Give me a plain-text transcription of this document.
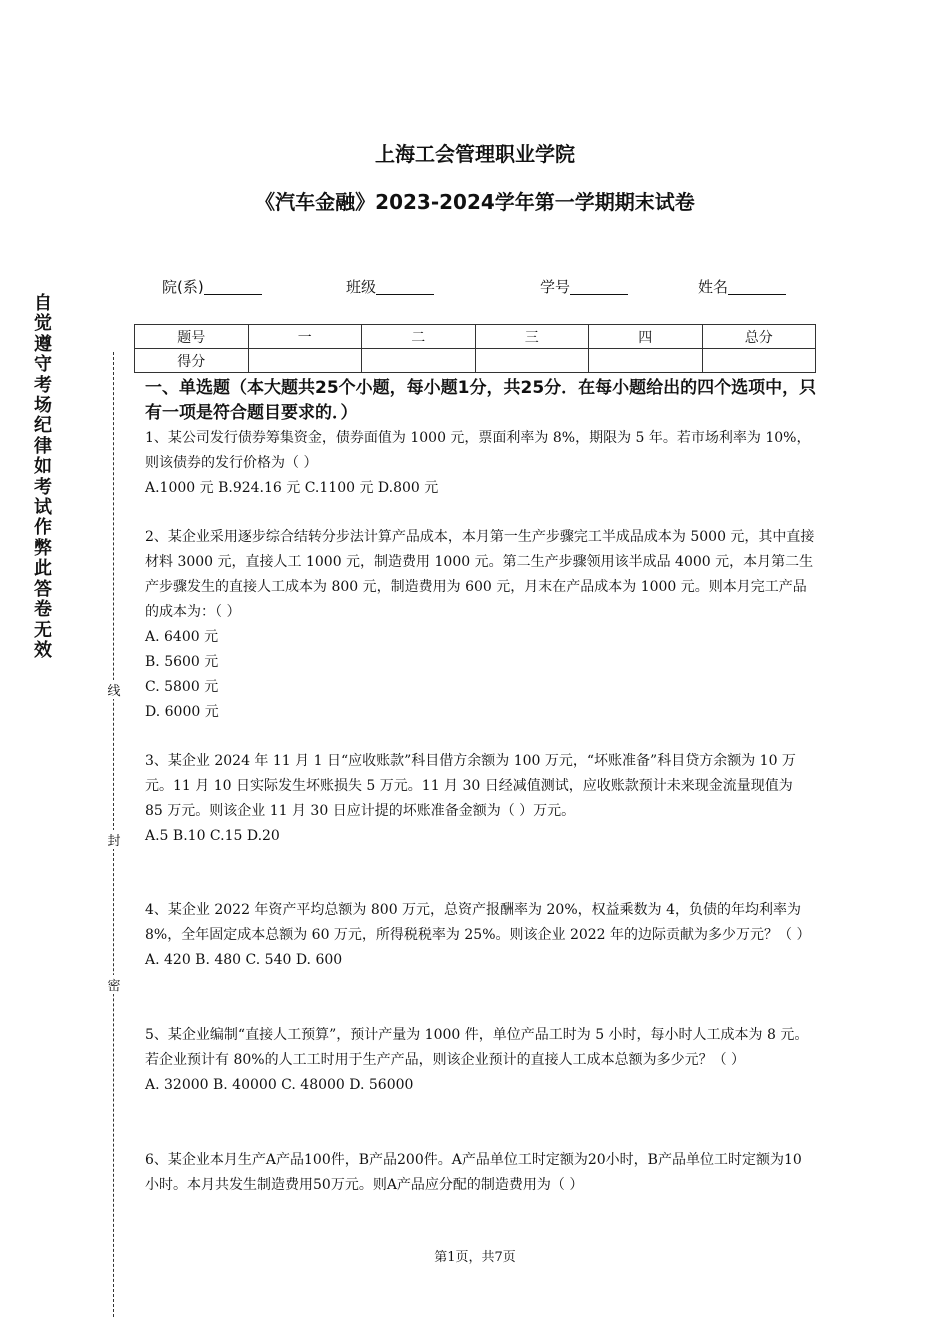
上海工会管理职业学院
《汽车金融》2023-2024学年第一学期期末试卷
院(系)	班级	学号	姓名
题号	一	二	三	四	总分
得分					
自觉遵守考场纪律如考试作弊此答卷无效
线
封
密
一、单选题（本大题共25个小题，每小题1分，共25分．在每小题给出的四个选项中，只有一项是符合题目要求的．）

1、某公司发行债券筹集资金，债券面值为 1000 元，票面利率为 8%，期限为 5 年。若市场利率为 10%，则该债券的发行价格为（ ）

A.1000 元 B.924.16 元 C.1100 元 D.800 元

2、某企业采用逐步综合结转分步法计算产品成本，本月第一生产步骤完工半成品成本为 5000 元，其中直接材料 3000 元，直接人工 1000 元，制造费用 1000 元。第二生产步骤领用该半成品 4000 元，本月第二生产步骤发生的直接人工成本为 800 元，制造费用为 600 元，月末在产品成本为 1000 元。则本月完工产品的成本为：（ ）

A. 6400 元

B. 5600 元

C. 5800 元

D. 6000 元

3、某企业 2024 年 11 月 1 日“应收账款”科目借方余额为 100 万元，“坏账准备”科目贷方余额为 10 万元。11 月 10 日实际发生坏账损失 5 万元。11 月 30 日经减值测试，应收账款预计未来现金流量现值为 85 万元。则该企业 11 月 30 日应计提的坏账准备金额为（ ）万元。

A.5 B.10 C.15 D.20

4、某企业 2022 年资产平均总额为 800 万元，总资产报酬率为 20%，权益乘数为 4，负债的年均利率为 8%，全年固定成本总额为 60 万元，所得税税率为 25%。则该企业 2022 年的边际贡献为多少万元？（ ）

A. 420 B. 480 C. 540 D. 600

5、某企业编制“直接人工预算”，预计产量为 1000 件，单位产品工时为 5 小时，每小时人工成本为 8 元。若企业预计有 80%的人工工时用于生产产品，则该企业预计的直接人工成本总额为多少元？（ ）

A. 32000 B. 40000 C. 48000 D. 56000

6、某企业本月生产A产品100件，B产品200件。A产品单位工时定额为20小时，B产品单位工时定额为10小时。本月共发生制造费用50万元。则A产品应分配的制造费用为（ ）

第1页，共7页
